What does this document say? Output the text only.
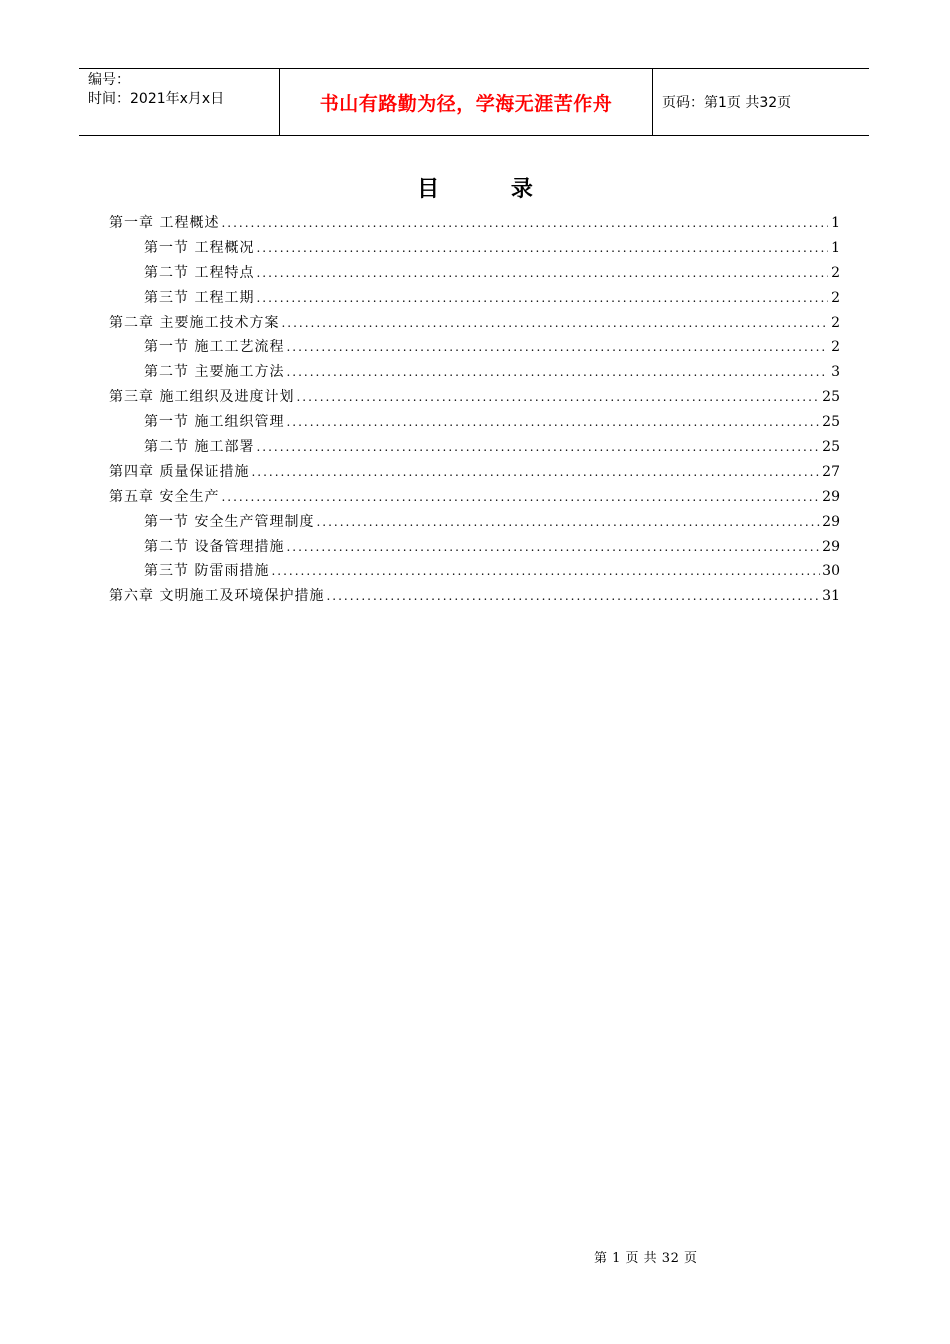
编号：
时间：2021年x月x日	书山有路勤为径，学海无涯苦作舟	页码：第1页 共32页
目 录
第一章 工程概述 .....	1
第一节 工程概况 .....	1
第二节 工程特点 .....	2
第三节 工程工期 .....	2
第二章 主要施工技术方案 .....	2
第一节 施工工艺流程 .....	2
第二节 主要施工方法 .....	3
第三章 施工组织及进度计划 .....	25
第一节 施工组织管理 .....	25
第二节 施工部署 .....	25
第四章 质量保证措施 .....	27
第五章 安全生产 .....	29
第一节 安全生产管理制度 .....	29
第二节 设备管理措施 .....	29
第三节 防雷雨措施 .....	30
第六章 文明施工及环境保护措施 .....	31
第 1 页 共 32 页
